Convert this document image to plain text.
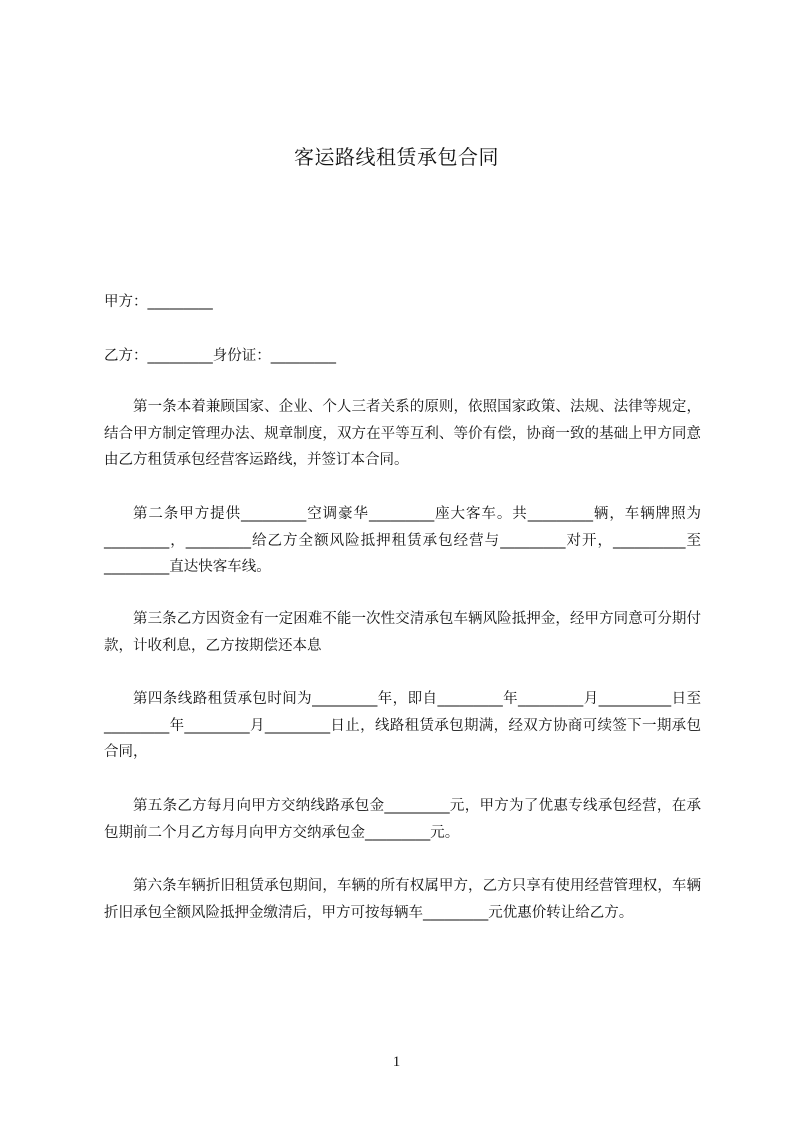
客运路线租赁承包合同
甲方：_________
乙方：_________身份证：_________

第一条本着兼顾国家、企业、个人三者关系的原则，依照国家政策、法规、法律等规定，结合甲方制定管理办法、规章制度，双方在平等互利、等价有偿，协商一致的基础上甲方同意由乙方租赁承包经营客运路线，并签订本合同。

第二条甲方提供_________空调豪华_________座大客车。共_________辆，车辆牌照为_________，_________给乙方全额风险抵押租赁承包经营与_________对开，__________至_________直达快客车线。

第三条乙方因资金有一定困难不能一次性交清承包车辆风险抵押金，经甲方同意可分期付款，计收利息，乙方按期偿还本息

第四条线路租赁承包时间为_________年，即自_________年_________月__________日至_________年_________月_________日止，线路租赁承包期满，经双方协商可续签下一期承包合同，

第五条乙方每月向甲方交纳线路承包金_________元，甲方为了优惠专线承包经营，在承包期前二个月乙方每月向甲方交纳承包金_________元。

第六条车辆折旧租赁承包期间，车辆的所有权属甲方，乙方只享有使用经营管理权，车辆折旧承包全额风险抵押金缴清后，甲方可按每辆车_________元优惠价转让给乙方。

1
